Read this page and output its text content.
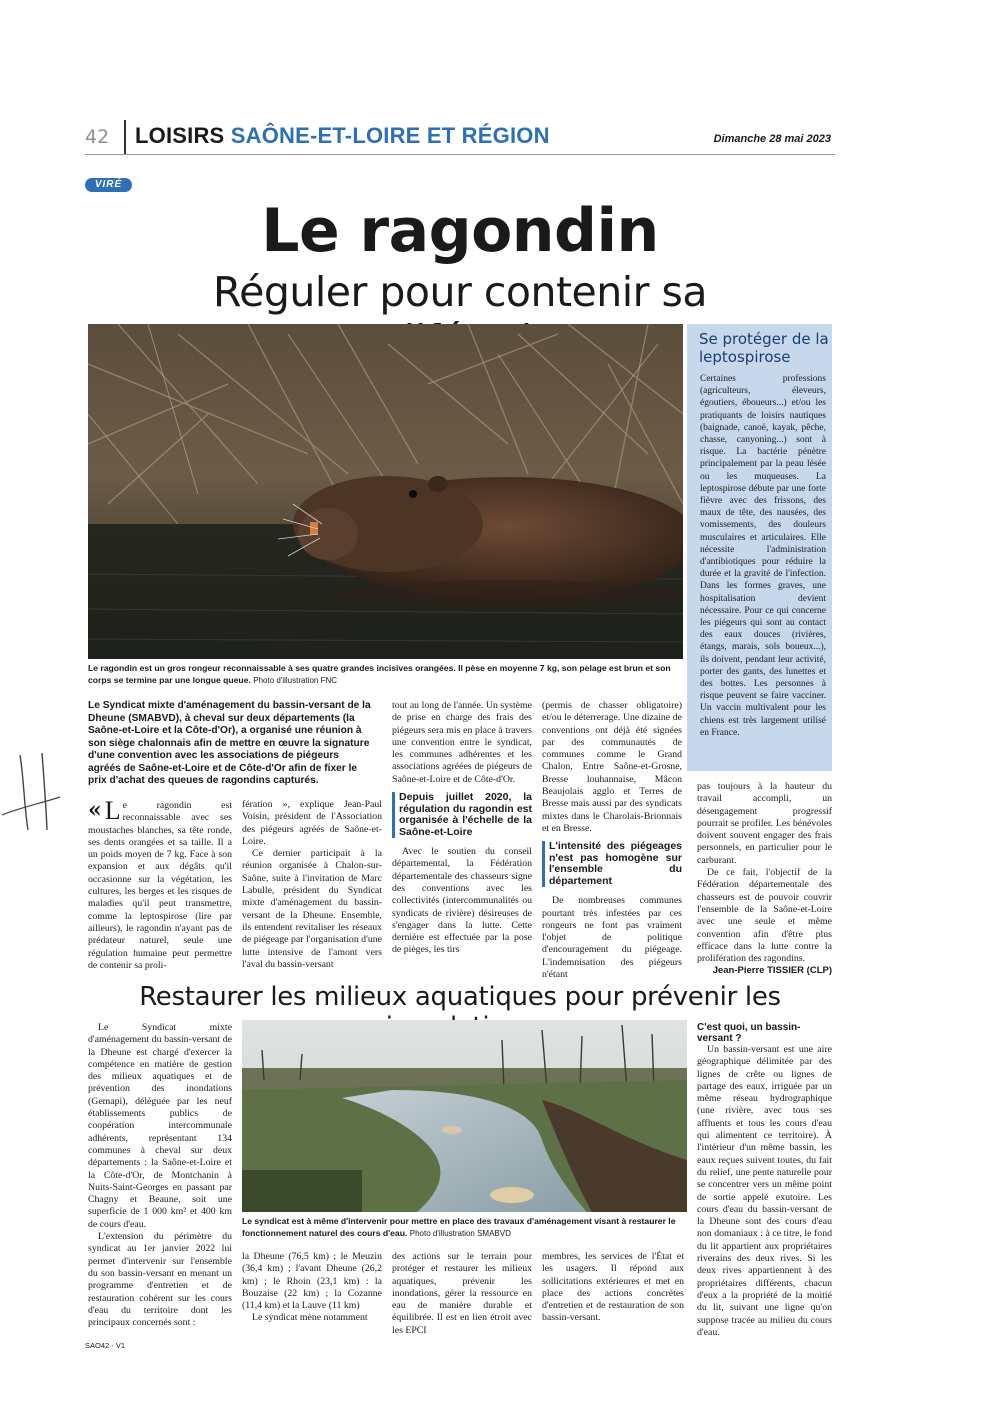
42	LOISIRS SAÔNE-ET-LOIRE ET RÉGION	Dimanche 28 mai 2023
VIRÉ
Le ragondin
Réguler pour contenir sa
Le ragondin est un gros rongeur reconnaissable à ses quatre grandes incisives orangées. Il pèse en moyenne 7 kg, son pelage est brun et son corps se termine par une longue queue. Photo d'illustration FNC
Se protéger de la leptospirose
Certaines professions (agriculteurs, éleveurs, égoutiers, éboueurs...) et/ou les pratiquants de loisirs nautiques (baignade, canoë, kayak, pêche, chasse, canyoning...) sont à risque. La bactérie pénètre principalement par la peau lésée ou les muqueuses. La leptospirose débute par une forte fièvre avec des frissons, des maux de tête, des nausées, des vomissements, des douleurs musculaires et articulaires. Elle nécessite l'administration d'antibiotiques pour réduire la durée et la gravité de l'infection. Dans les formes graves, une hospitalisation devient nécessaire. Pour ce qui concerne les piégeurs qui sont au contact des eaux douces (rivières, étangs, marais, sols boueux...), ils doivent, pendant leur activité, porter des gants, des lunettes et des bottes. Les personnes à risque peuvent se faire vacciner. Un vaccin multivalent pour les chiens est très largement utilisé en France.
Le Syndicat mixte d'aménagement du bassin-versant de la Dheune (SMABVD), à cheval sur deux départements (la Saône-et-Loire et la Côte-d'Or), a organisé une réunion à son siège chalonnais afin de mettre en œuvre la signature d'une convention avec les associations de piégeurs agréés de Saône-et-Loire et de Côte-d'Or afin de fixer le prix d'achat des queues de ragondins capturés.
« L e ragondin est reconnaissable avec ses moustaches blanches, sa tête ronde, ses dents orangées et sa taille. Il a un poids moyen de 7 kg. Face à son expansion et aux dégâts qu'il occasionne sur la végétation, les cultures, les berges et les risques de maladies qu'il peut transmettre, comme la leptospirose (lire par ailleurs), le ragondin n'ayant pas de prédateur naturel, seule une régulation humaine peut permettre de contenir sa proli-

fération », explique Jean-Paul Voisin, président de l'Association des piégeurs agréés de Saône-et-Loire.

Ce dernier participait à la réunion organisée à Chalon-sur-Saône, suite à l'invitation de Marc Labulle, président du Syndicat mixte d'aménagement du bassin-versant de la Dheune. Ensemble, ils entendent revitaliser les réseaux de piégeage par l'organisation d'une lutte intensive de l'amont vers l'aval du bassin-versant

tout au long de l'année. Un système de prise en charge des frais des piégeurs sera mis en place à travers une convention entre le syndicat, les communes adhérentes et les associations agréées de piégeurs de Saône-et-Loire et de Côte-d'Or.

Depuis juillet 2020, la régulation du ragondin est organisée à l'échelle de la Saône-et-Loire

Avec le soutien du conseil départemental, la Fédération départementale des chasseurs signe des conventions avec les collectivités (intercommunalités ou syndicats de rivière) désireuses de s'engager dans la lutte. Cette dernière est effectuée par la pose de pièges, les tirs

(permis de chasser obligatoire) et/ou le déterrerage. Une dizaine de conventions ont déjà été signées par des communautés de communes comme le Grand Chalon, Entre Saône-et-Grosne, Bresse louhannaise, Mâcon Beaujolais agglo et Terres de Bresse mais aussi par des syndicats mixtes dans le Charolais-Brionnais et en Bresse.

L'intensité des piégeages n'est pas homogène sur l'ensemble du département

De nombreuses communes pourtant très infestées par ces rongeurs ne font pas vraiment l'objet de politique d'encouragement du piégeage. L'indemnisation des piégeurs n'étant

pas toujours à la hauteur du travail accompli, un désengagement progressif pourrait se profiler. Les bénévoles doivent souvent engager des frais personnels, en particulier pour le carburant.

De ce fait, l'objectif de la Fédération départementale des chasseurs est de pouvoir couvrir l'ensemble de la Saône-et-Loire avec une seule et même convention afin d'être plus efficace dans la lutte contre la prolifération des ragondins.

Jean-Pierre TISSIER (CLP)

Restaurer les milieux aquatiques pour prévenir les

Le Syndicat mixte d'aménagement du bassin-versant de la Dheune est chargé d'exercer la compétence en matière de gestion des milieux aquatiques et de prévention des inondations (Gemapi), déléguée par les neuf établissements publics de coopération intercommunale adhérents, représentant 134 communes à cheval sur deux départements : la Saône-et-Loire et la Côte-d'Or, de Montchanin à Nuits-Saint-Georges en passant par Chagny et Beaune, soit une superficie de 1 000 km² et 400 km de cours d'eau.

L'extension du périmètre du syndicat au 1er janvier 2022 lui permet d'intervenir sur l'ensemble du son bassin-versant en menant un programme d'entretien et de restauration cohérent sur les cours d'eau du territoire dont les principaux concernés sont :

Le syndicat est à même d'intervenir pour mettre en place des travaux d'aménagement visant à restaurer le fonctionnement naturel des cours d'eau. Photo d'illustration SMABVD

la Dheune (76,5 km) ; le Meuzin (36,4 km) ; l'avant Dheune (26,2 km) ; le Rhoin (23,1 km) : la Bouzaise (22 km) ; la Cozanne (11,4 km) et la Lauve (11 km)

Le syndicat mène notamment

des actions sur le terrain pour protéger et restaurer les milieux aquatiques, prévenir les inondations, gérer la ressource en eau de manière durable et équilibrée. Il est en lien étroit avec les EPCI
membres, les services de l'État et les usagers. Il répond aux sollicitations extérieures et met en place des actions concrètes d'entretien et de restauration de son bassin-versant.
C'est quoi, un bassin-versant ?
Un bassin-versant est une aire géographique délimitée par des lignes de crête ou lignes de partage des eaux, irriguée par un même réseau hydrographique (une rivière, avec tous ses affluents et tous les cours d'eau qui alimentent ce territoire). À l'intérieur d'un même bassin, les eaux reçues suivent toutes, du fait du relief, une pente naturelle pour se concentrer vers un même point de sortie appelé exutoire. Les cours d'eau du bassin-versant de la Dheune sont des cours d'eau non domaniaux : à ce titre, le fond du lit appartient aux propriétaires riverains des deux rives. Si les deux rives appartiennent à des propriétaires différents, chacun d'eux a la propriété de la moitié du lit, suivant une ligne qu'on suppose tracée au milieu du cours d'eau.
SAO42 - V1
